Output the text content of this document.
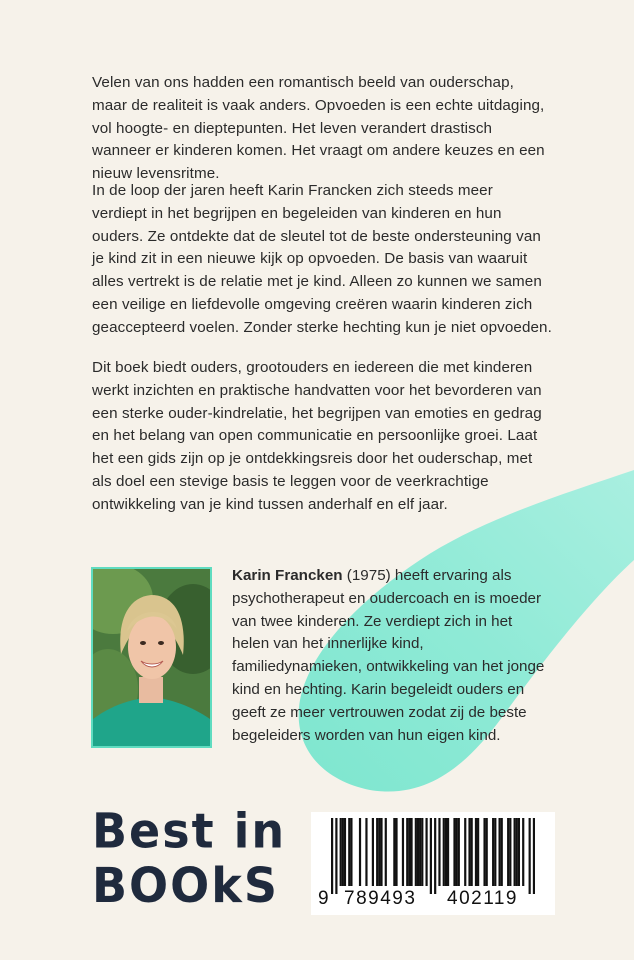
Velen van ons hadden een romantisch beeld van ouderschap, maar de realiteit is vaak anders. Opvoeden is een echte uitdaging, vol hoogte- en dieptepunten. Het leven verandert drastisch wanneer er kinderen komen. Het vraagt om andere keuzes en een nieuw levensritme.

In de loop der jaren heeft Karin Francken zich steeds meer verdiept in het begrijpen en begeleiden van kinderen en hun ouders. Ze ontdekte dat de sleutel tot de beste ondersteuning van je kind zit in een nieuwe kijk op opvoeden. De basis van waaruit alles vertrekt is de relatie met je kind. Alleen zo kunnen we samen een veilige en liefdevolle omgeving creëren waarin kinderen zich geaccepteerd voelen. Zonder sterke hechting kun je niet opvoeden.

Dit boek biedt ouders, grootouders en iedereen die met kinderen werkt inzichten en praktische handvatten voor het bevorderen van een sterke ouder-kindrelatie, het begrijpen van emoties en gedrag en het belang van open communicatie en persoonlijke groei. Laat het een gids zijn op je ontdekkingsreis door het ouderschap, met als doel een stevige basis te leggen voor de veerkrachtige ontwikkeling van je kind tussen anderhalf en elf jaar.

Karin Francken (1975) heeft ervaring als psychotherapeut en oudercoach en is moeder van twee kinderen. Ze verdiept zich in het helen van het innerlijke kind, familiedynamieken, ontwikkeling van het jonge kind en hechting. Karin begeleidt ouders en geeft ze meer vertrouwen zodat zij de beste begeleiders worden van hun eigen kind.

Best in
BOOkS 9 789493 402119
